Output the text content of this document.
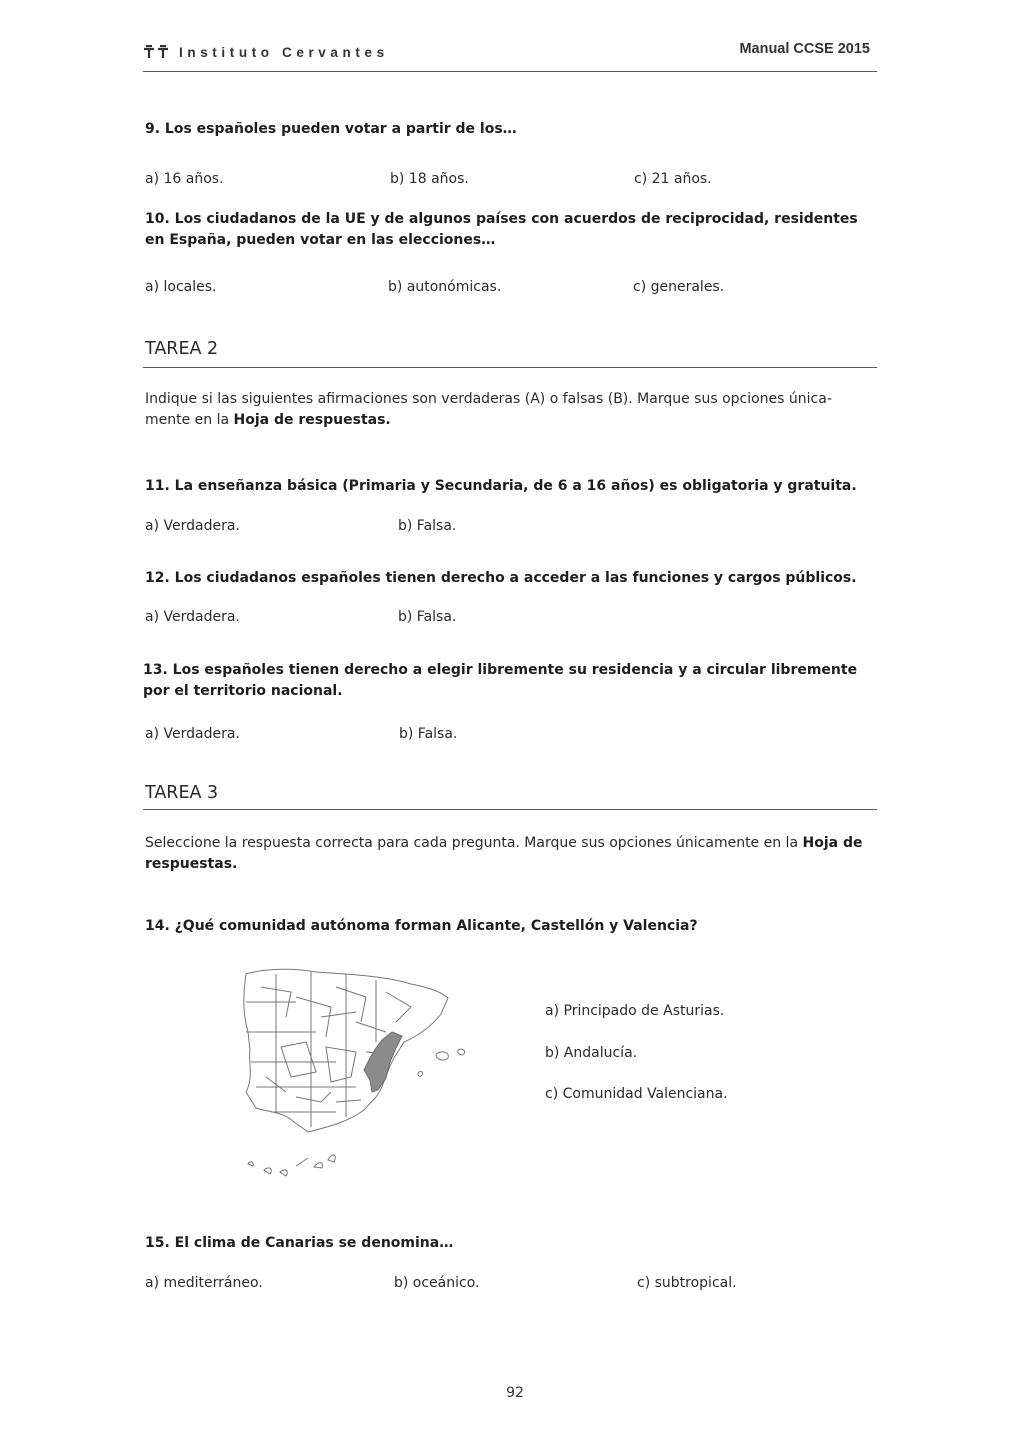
Instituto Cervantes	Manual CCSE 2015
9. Los españoles pueden votar a partir de los…
a) 16 años.	b) 18 años.	c) 21 años.
10. Los ciudadanos de la UE y de algunos países con acuerdos de reciprocidad, residentes en España, pueden votar en las elecciones…
a) locales.	b) autonómicas.	c) generales.
TAREA 2
Indique si las siguientes afirmaciones son verdaderas (A) o falsas (B). Marque sus opciones única-mente en la Hoja de respuestas.
11. La enseñanza básica (Primaria y Secundaria, de 6 a 16 años) es obligatoria y gratuita.
a) Verdadera.	b) Falsa.
12. Los ciudadanos españoles tienen derecho a acceder a las funciones y cargos públicos.
a) Verdadera.	b) Falsa.
13. Los españoles tienen derecho a elegir libremente su residencia y a circular libremente por el territorio nacional.
a) Verdadera.	b) Falsa.
TAREA 3
Seleccione la respuesta correcta para cada pregunta. Marque sus opciones únicamente en la Hoja de respuestas.
14. ¿Qué comunidad autónoma forman Alicante, Castellón y Valencia?
a) Principado de Asturias.
b) Andalucía.
c) Comunidad Valenciana.
15. El clima de Canarias se denomina…
a) mediterráneo.	b) oceánico.	c) subtropical.
92
